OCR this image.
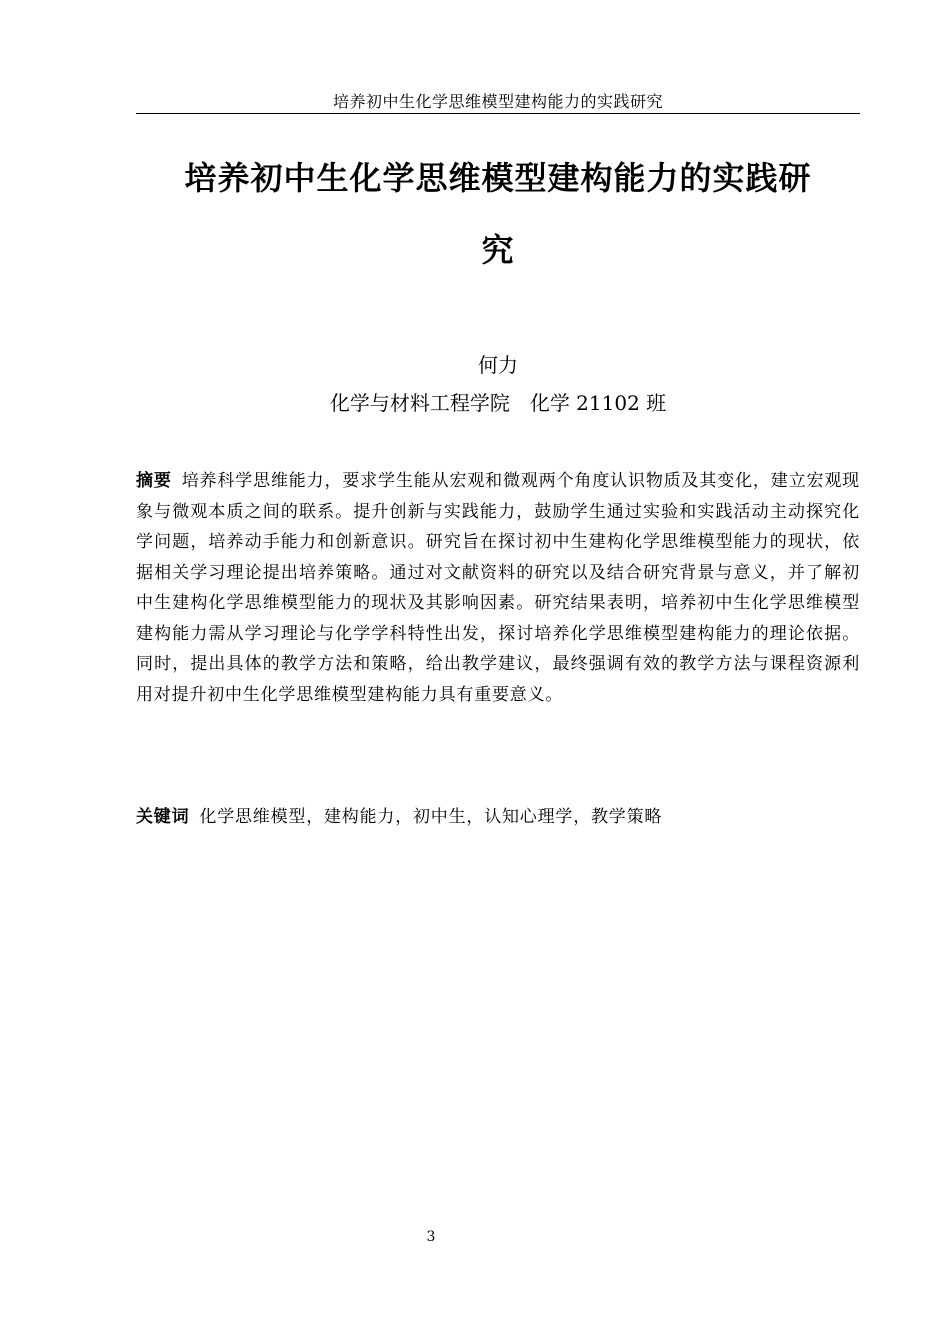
培养初中生化学思维模型建构能力的实践研究
培养初中生化学思维模型建构能力的实践研
究
何力
化学与材料工程学院 化学 21102 班

摘要 培养科学思维能力，要求学生能从宏观和微观两个角度认识物质及其变化，建立宏观现象与微观本质之间的联系。提升创新与实践能力，鼓励学生通过实验和实践活动主动探究化学问题，培养动手能力和创新意识。研究旨在探讨初中生建构化学思维模型能力的现状，依据相关学习理论提出培养策略。通过对文献资料的研究以及结合研究背景与意义，并了解初中生建构化学思维模型能力的现状及其影响因素。研究结果表明，培养初中生化学思维模型建构能力需从学习理论与化学学科特性出发，探讨培养化学思维模型建构能力的理论依据。同时，提出具体的教学方法和策略，给出教学建议，最终强调有效的教学方法与课程资源利用对提升初中生化学思维模型建构能力具有重要意义。

关键词 化学思维模型，建构能力，初中生，认知心理学，教学策略

3
